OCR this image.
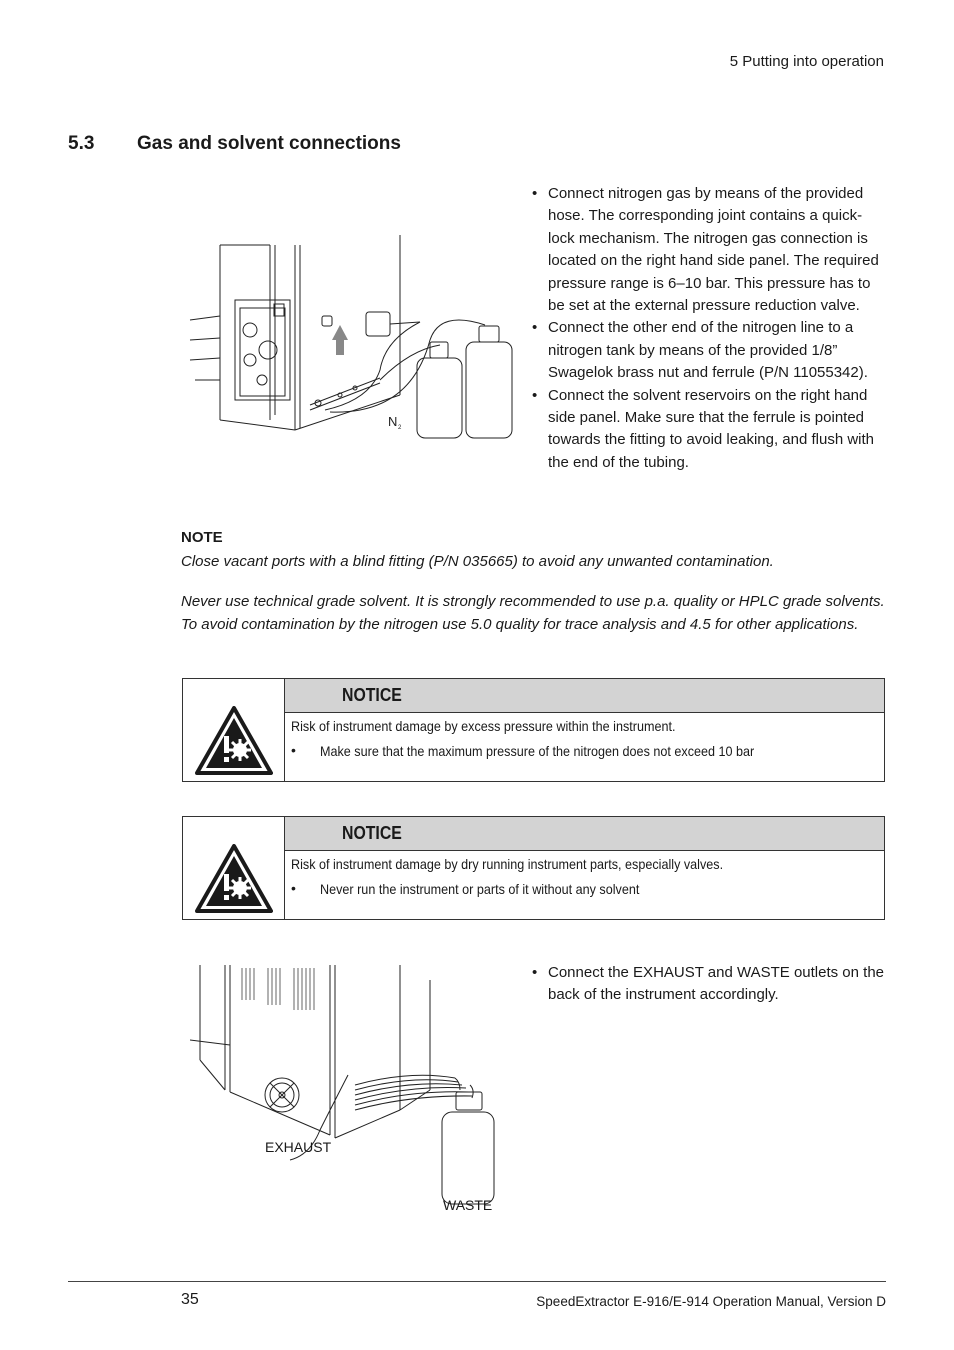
5 Putting into operation
5.3 Gas and solvent connections
N 2
• Connect nitrogen gas by means of the provided hose. The corresponding joint contains a quick-lock mechanism. The nitrogen gas connection is located on the right hand side panel. The required pressure range is 6–10 bar. This pressure has to be set at the external pressure reduction valve.
• Connect the other end of the nitrogen line to a nitrogen tank by means of the provided 1/8” Swagelok brass nut and ferrule (P/N 11055342).
• Connect the solvent reservoirs on the right hand side panel. Make sure that the ferrule is pointed towards the fitting to avoid leaking, and flush with the end of the tubing.
NOTE
Close vacant ports with a blind fitting (P/N 035665) to avoid any unwanted contamination.
Never use technical grade solvent. It is strongly recommended to use p.a. quality or HPLC grade solvents. To avoid contamination by the nitrogen use 5.0 quality for trace analysis and 4.5 for other applications.
NOTICE
Risk of instrument damage by excess pressure within the instrument.
• Make sure that the maximum pressure of the nitrogen does not exceed 10 bar
NOTICE
Risk of instrument damage by dry running instrument parts, especially valves.
• Never run the instrument or parts of it without any solvent
EXHAUST
WASTE
• Connect the EXHAUST and WASTE outlets on the back of the instrument accordingly.
35	SpeedExtractor E-916/E-914 Operation Manual, Version D
